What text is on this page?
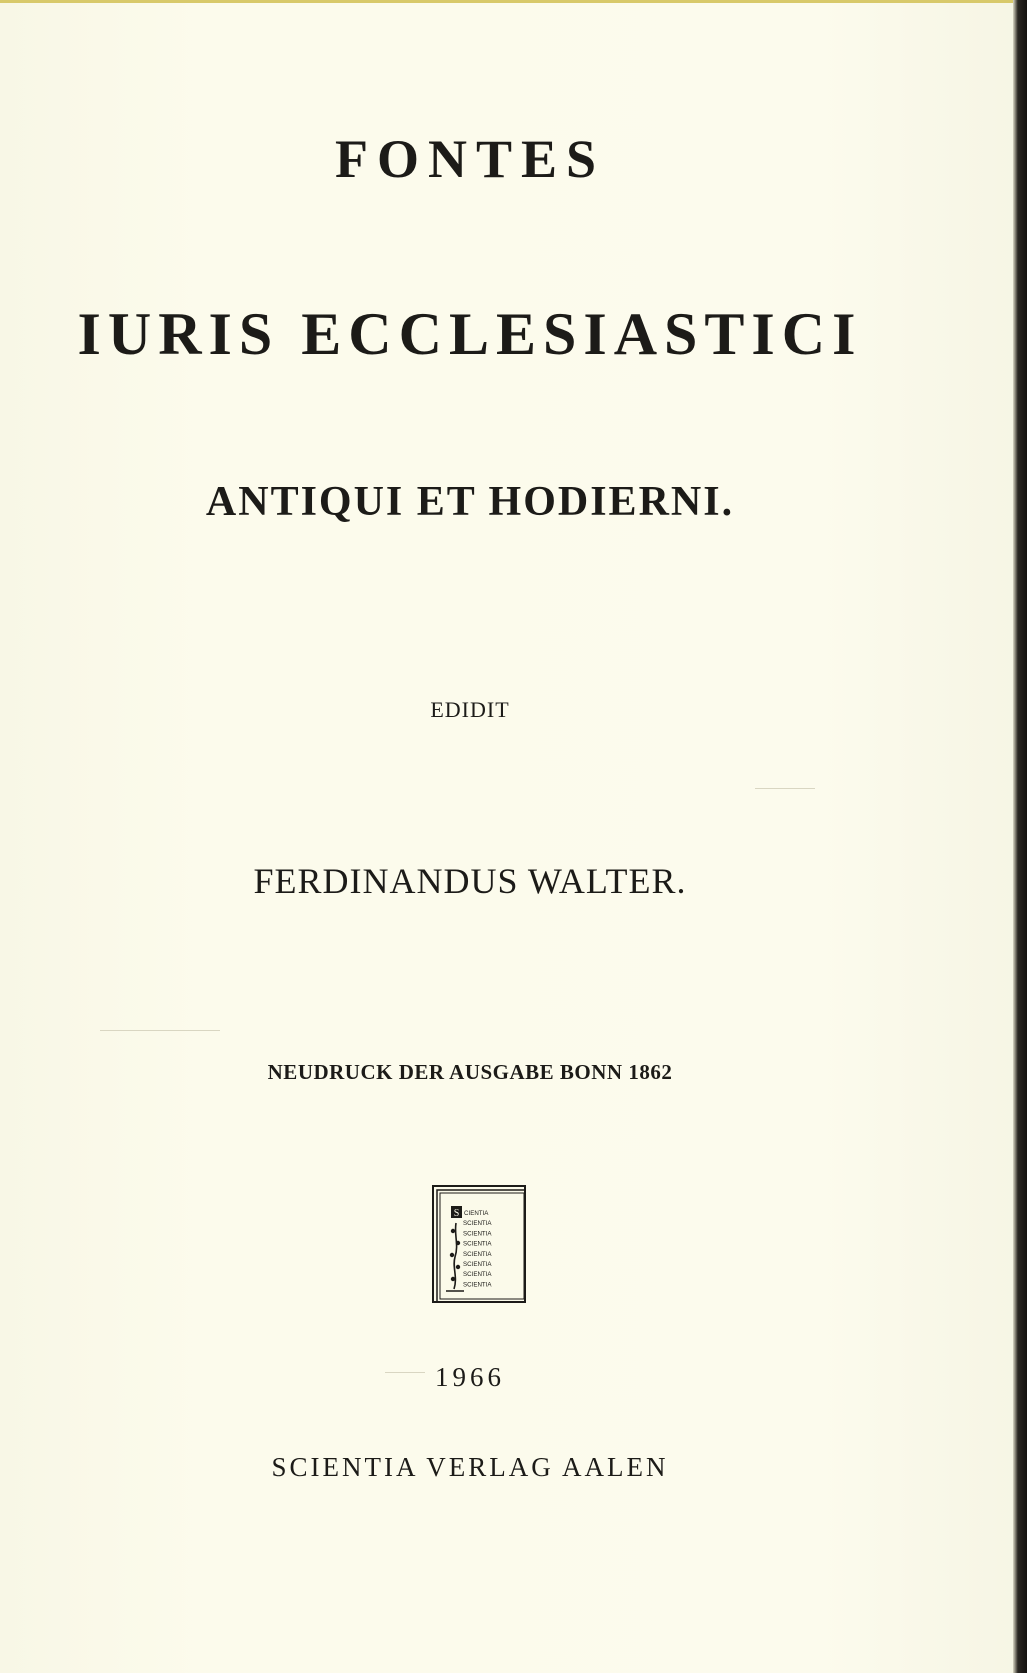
FONTES
IURIS ECCLESIASTICI
ANTIQUI ET HODIERNI.
EDIDIT
FERDINANDUS WALTER.
NEUDRUCK DER AUSGABE BONN 1862
S CIENTIA
SCIENTIA
SCIENTIA
SCIENTIA
SCIENTIA
SCIENTIA
SCIENTIA
SCIENTIA
1966
SCIENTIA VERLAG AALEN
